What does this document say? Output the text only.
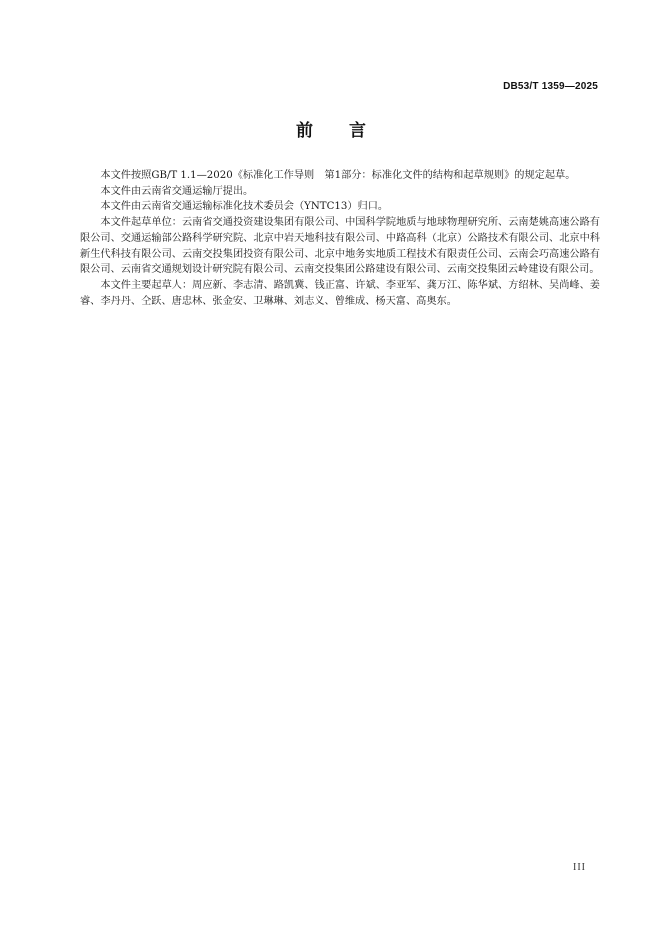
DB53/T 1359—2025
前言

本文件按照GB/T 1.1—2020《标准化工作导则　第1部分：标准化文件的结构和起草规则》的规定起草。

本文件由云南省交通运输厅提出。

本文件由云南省交通运输标准化技术委员会（YNTC13）归口。

本文件起草单位：云南省交通投资建设集团有限公司、中国科学院地质与地球物理研究所、云南楚姚高速公路有限公司、交通运输部公路科学研究院、北京中岩天地科技有限公司、中路高科（北京）公路技术有限公司、北京中科新生代科技有限公司、云南交投集团投资有限公司、北京中地务实地质工程技术有限责任公司、云南会巧高速公路有限公司、云南省交通规划设计研究院有限公司、云南交投集团公路建设有限公司、云南交投集团云岭建设有限公司。

本文件主要起草人：周应新、李志清、路凯冀、钱正富、许斌、李亚军、龚万江、陈华斌、方绍林、吴尚峰、姜睿、李丹丹、仝跃、唐忠林、张金安、卫琳琳、刘志义、曾维成、杨天富、高奥东。

III
